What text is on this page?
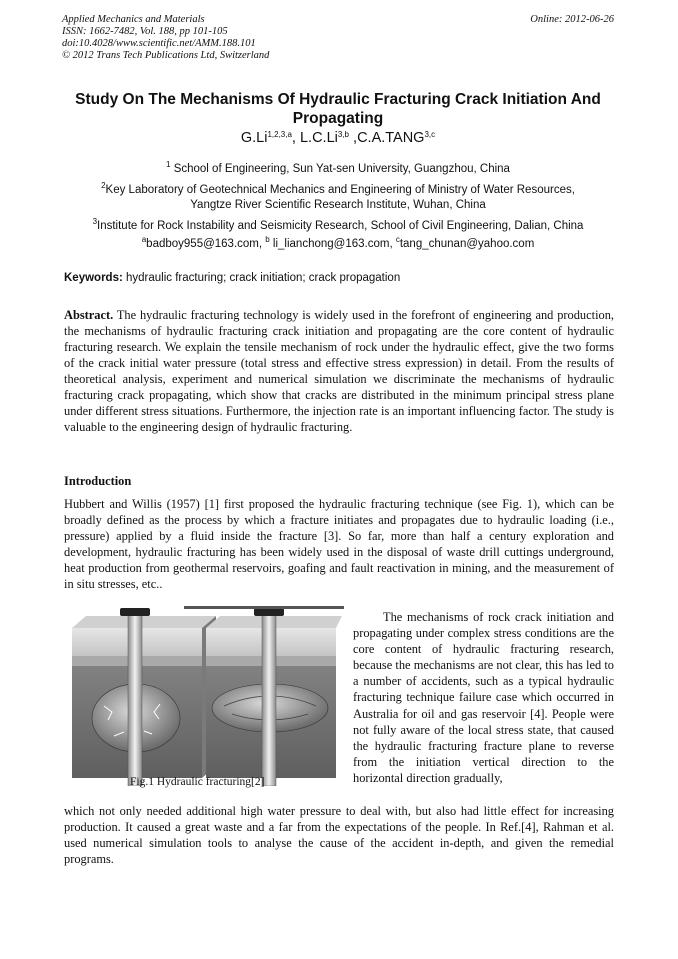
Applied Mechanics and Materials
ISSN: 1662-7482, Vol. 188, pp 101-105
doi:10.4028/www.scientific.net/AMM.188.101
© 2012 Trans Tech Publications Ltd, Switzerland
Online: 2012-06-26
Study On The Mechanisms Of Hydraulic Fracturing Crack Initiation And
Propagating
G.Li$^{1,2,3,a}$, L.C.Li$^{3,b}$ ,C.A.TANG$^{3,c}$
$^1$ School of Engineering, Sun Yat-sen University, Guangzhou, China
$^2$Key Laboratory of Geotechnical Mechanics and Engineering of Ministry of Water Resources,
Yangtze River Scientific Research Institute, Wuhan, China
$^3$Institute for Rock Instability and Seismicity Research, School of Civil Engineering, Dalian, China
$^a$badboy955@163.com, $^b$ li_lianchong@163.com, $^c$tang_chunan@yahoo.com
Keywords: hydraulic fracturing; crack initiation; crack propagation
Abstract. The hydraulic fracturing technology is widely used in the forefront of engineering and production, the mechanisms of hydraulic fracturing crack initiation and propagating are the core content of hydraulic fracturing research. We explain the tensile mechanism of rock under the hydraulic effect, give the two forms of the crack initial water pressure (total stress and effective stress expression) in detail. From the results of theoretical analysis, experiment and numerical simulation we discriminate the mechanisms of hydraulic fracturing crack propagating, which show that cracks are distributed in the minimum principal stress plane under different stress situations. Furthermore, the injection rate is an important influencing factor. The study is valuable to the engineering design of hydraulic fracturing.
Introduction
Hubbert and Willis (1957) [1] first proposed the hydraulic fracturing technique (see Fig. 1), which can be broadly defined as the process by which a fracture initiates and propagates due to hydraulic loading (i.e., pressure) applied by a fluid inside the fracture [3]. So far, more than half a century exploration and development, hydraulic fracturing has been widely used in the disposal of waste drill cuttings underground, heat production from geothermal reservoirs, goafing and fault reactivation in mining, and the measurement of in situ stresses, etc..
Fig.1 Hydraulic fracturing[2]
The mechanisms of rock crack initiation and propagating under complex stress conditions are the core content of hydraulic fracturing research, because the mechanisms are not clear, this has led to a number of accidents, such as a typical hydraulic fracturing technique failure case which occurred in Australia for oil and gas reservoir [4]. People were not fully aware of the local stress state, that caused the hydraulic fracturing fracture plane to reverse from the initiation vertical direction to the horizontal direction gradually,
which not only needed additional high water pressure to deal with, but also had little effect for increasing production. It caused a great waste and a far from the expectations of the people. In Ref.[4], Rahman et al. used numerical simulation tools to analyse the cause of the accident in-depth, and given the remedial programs.
